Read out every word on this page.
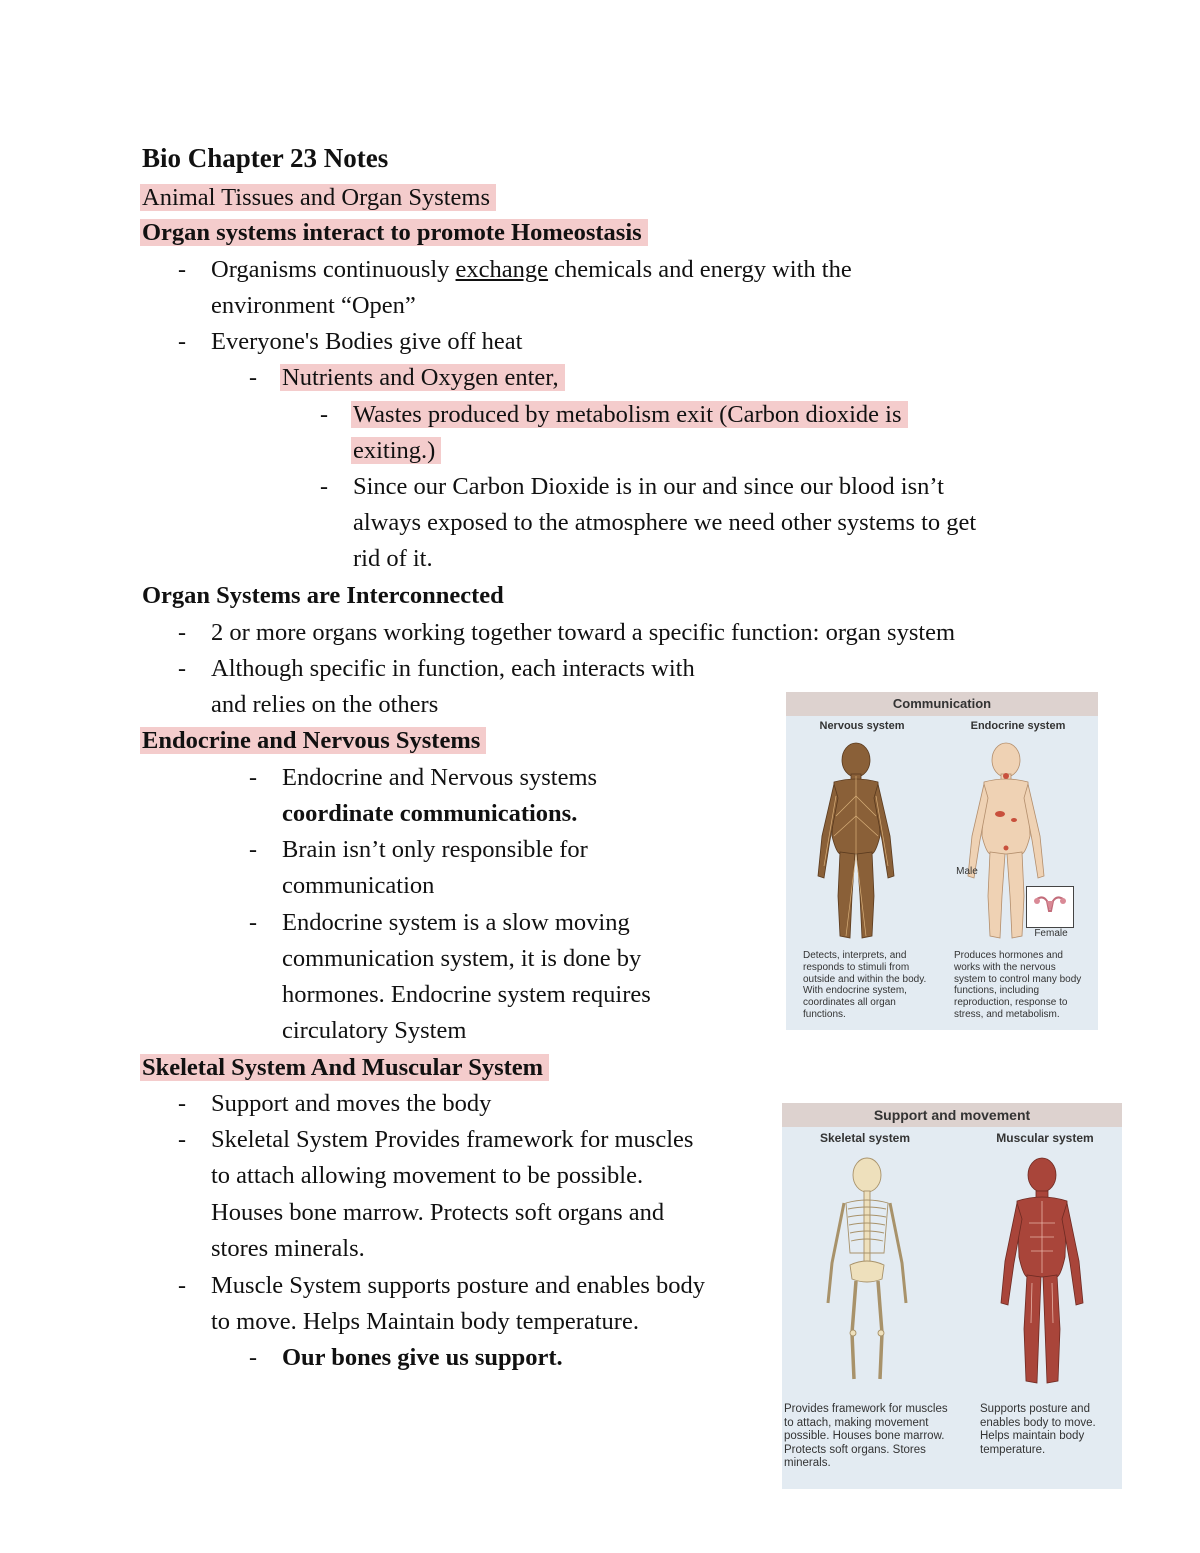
Bio Chapter 23 Notes
Animal Tissues and Organ Systems
Organ systems interact to promote Homeostasis
- Organisms continuously exchange chemicals and energy with the
environment “Open”
- Everyone's Bodies give off heat
- Nutrients and Oxygen enter,
- Wastes produced by metabolism exit (Carbon dioxide is
exiting.)
- Since our Carbon Dioxide is in our and since our blood isn’t
always exposed to the atmosphere we need other systems to get
rid of it.
Organ Systems are Interconnected
- 2 or more organs working together toward a specific function: organ system
- Although specific in function, each interacts with
and relies on the others
Endocrine and Nervous Systems
- Endocrine and Nervous systems
coordinate communications.
- Brain isn’t only responsible for
communication
- Endocrine system is a slow moving
communication system, it is done by
hormones. Endocrine system requires
circulatory System
Skeletal System And Muscular System
- Support and moves the body
- Skeletal System Provides framework for muscles
to attach allowing movement to be possible.
Houses bone marrow. Protects soft organs and
stores minerals.
- Muscle System supports posture and enables body
to move. Helps Maintain body temperature.
- Our bones give us support.
Communication
Nervous system	Endocrine system
Male
Female
Detects, interprets, and responds to stimuli from outside and within the body. With endocrine system, coordinates all organ functions.
Produces hormones and works with the nervous system to control many body functions, including reproduction, response to stress, and metabolism.
Support and movement
Skeletal system	Muscular system
Provides framework for muscles to attach, making movement possible. Houses bone marrow. Protects soft organs. Stores minerals.
Supports posture and enables body to move. Helps maintain body temperature.
